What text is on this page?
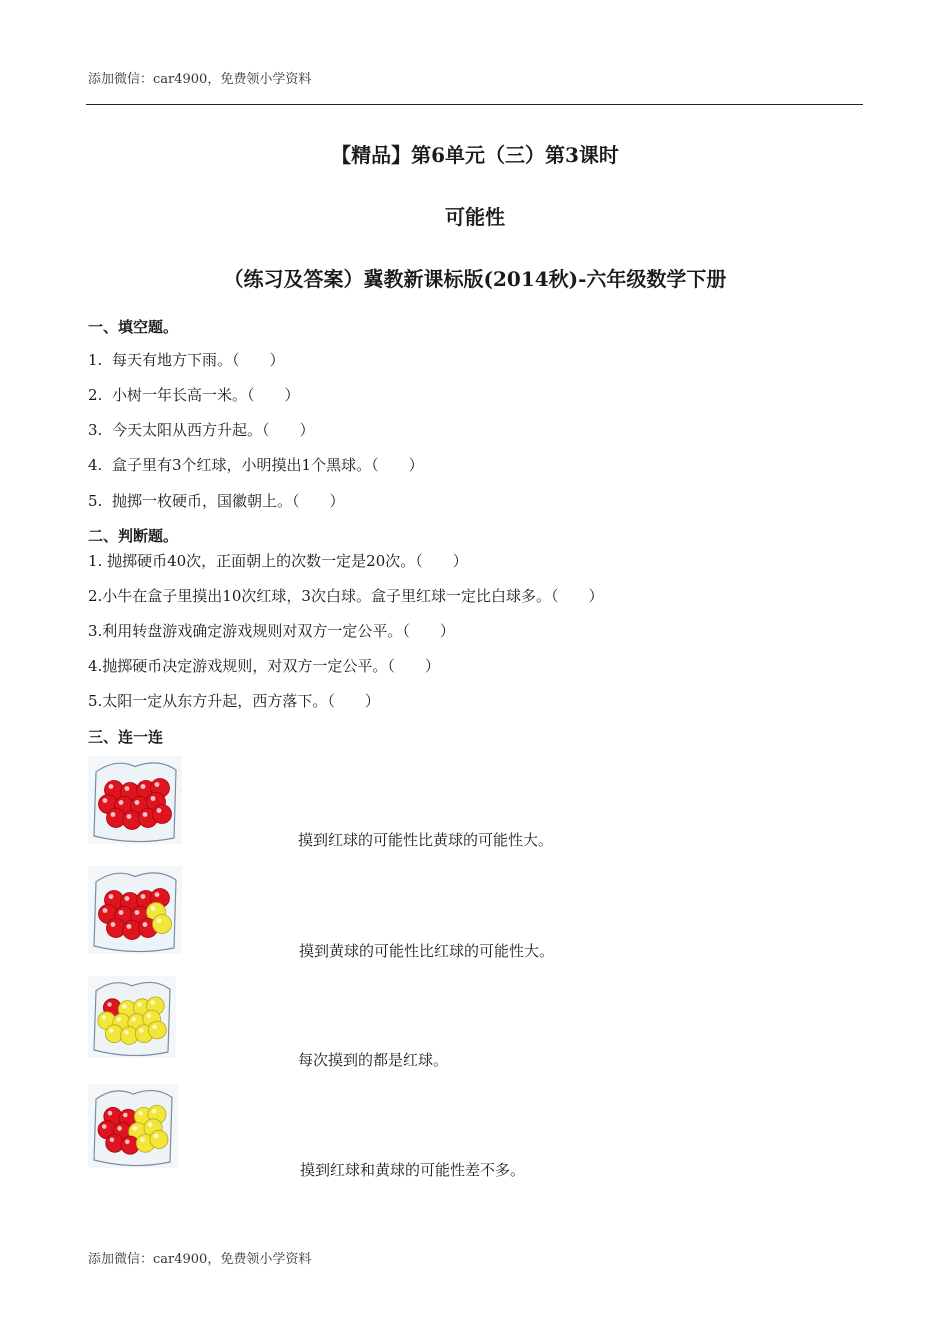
添加微信：car4900，免费领小学资料
【精品】第6单元（三）第3课时
可能性
（练习及答案）冀教新课标版(2014秋)-六年级数学下册
一、填空题。
1. 每天有地方下雨。（　　）
2. 小树一年长高一米。（　　）
3. 今天太阳从西方升起。（　　）
4. 盒子里有3个红球，小明摸出1个黑球。（　　）
5. 抛掷一枚硬币，国徽朝上。（　　）
二、判断题。
1. 抛掷硬币40次，正面朝上的次数一定是20次。（　　）
2.小牛在盒子里摸出10次红球，3次白球。盒子里红球一定比白球多。（　　）
3.利用转盘游戏确定游戏规则对双方一定公平。（　　）
4.抛掷硬币决定游戏规则，对双方一定公平。（　　）
5.太阳一定从东方升起，西方落下。（　　）
三、连一连
摸到红球的可能性比黄球的可能性大。
摸到黄球的可能性比红球的可能性大。
每次摸到的都是红球。
摸到红球和黄球的可能性差不多。
添加微信：car4900，免费领小学资料
